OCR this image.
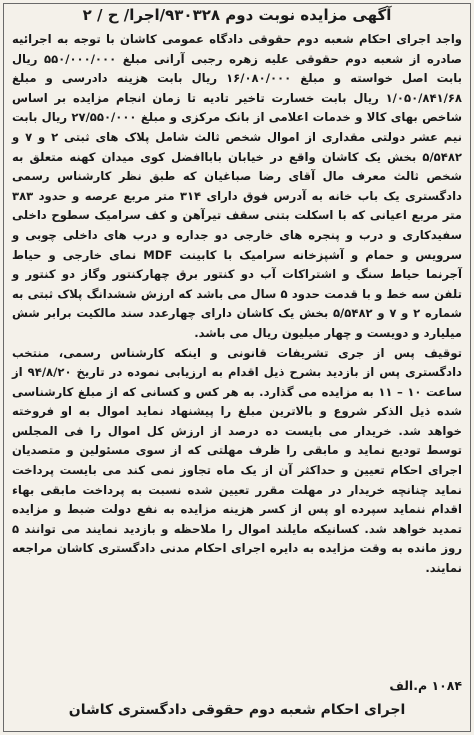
آگهی مزایده نوبت دوم ۹۳۰۳۲۸/اجرا/ ح / ۲

واجد اجرای احکام شعبه دوم حقوقی دادگاه عمومی کاشان با توجه به اجرائیه صادره از شعبه دوم حقوقی علیه زهره رجبی آرانی مبلغ ۵۵۰/۰۰۰/۰۰۰ ریال بابت اصل خواسته و مبلغ ۱۶/۰۸۰/۰۰۰ ریال بابت هزینه دادرسی و مبلغ ۱/۰۵۰/۸۴۱/۶۸ ریال بابت خسارت تاخیر تادیه تا زمان انجام مزایده بر اساس شاخص بهای کالا و خدمات اعلامی از بانک مرکزی و مبلغ ۲۷/۵۵۰/۰۰۰ ریال بابت نیم عشر دولتی مقداری از اموال شخص ثالث شامل پلاک های ثبتی ۲ و ۷ و ۵/۵۴۸۲ بخش یک کاشان واقع در خیابان باباافضل کوی میدان کهنه متعلق به شخص ثالث معرف مال آقای رضا صباغیان که طبق نظر کارشناس رسمی دادگستری یک باب خانه به آدرس فوق دارای ۳۱۴ متر مربع عرصه و حدود ۳۸۳ متر مربع اعیانی که با اسکلت بتنی سقف تیرآهن و کف سرامیک سطوح داخلی سفیدکاری و درب و پنجره های خارجی دو جداره و درب های داخلی چوبی و سرویس و حمام و آشپزخانه سرامیک با کابینت MDF نمای خارجی و حیاط آجرنما حیاط سنگ و اشتراکات آب دو کنتور برق چهارکنتور وگاز دو کنتور و تلفن سه خط و با قدمت حدود ۵ سال می باشد که ارزش ششدانگ پلاک ثبتی به شماره ۲ و ۷ و ۵/۵۴۸۲ بخش یک کاشان دارای چهارعدد سند مالکیت برابر شش میلیارد و دویست و چهار میلیون ریال می باشد.

توقیف پس از جری تشریفات قانونی و اینکه کارشناس رسمی، منتخب دادگستری پس از بازدید بشرح ذیل اقدام به ارزیابی نموده در تاریخ ۹۴/۸/۲۰ از ساعت ۱۰ – ۱۱ به مزایده می گذارد. به هر کس و کسانی که از مبلغ کارشناسی شده ذیل الذکر شروع و بالاترین مبلغ را پیشنهاد نماید اموال به او فروخته خواهد شد. خریدار می بایست ده درصد از ارزش کل اموال را فی المجلس توسط تودیع نماید و مابقی را ظرف مهلتی که از سوی مسئولین و متصدیان اجرای احکام تعیین و حداکثر آن از یک ماه تجاوز نمی کند می بایست پرداخت نماید چنانچه خریدار در مهلت مقرر تعیین شده نسبت به پرداخت مابقی بهاء اقدام ننماید سپرده او پس از کسر هزینه مزایده به نفع دولت ضبط و مزایده تمدید خواهد شد. کسانیکه مایلند اموال را ملاحظه و بازدید نمایند می توانند ۵ روز مانده به وقت مزایده به دایره اجرای احکام مدنی دادگستری کاشان مراجعه نمایند.

۱۰۸۴ م.الف
اجرای احکام شعبه دوم حقوقی دادگستری کاشان
